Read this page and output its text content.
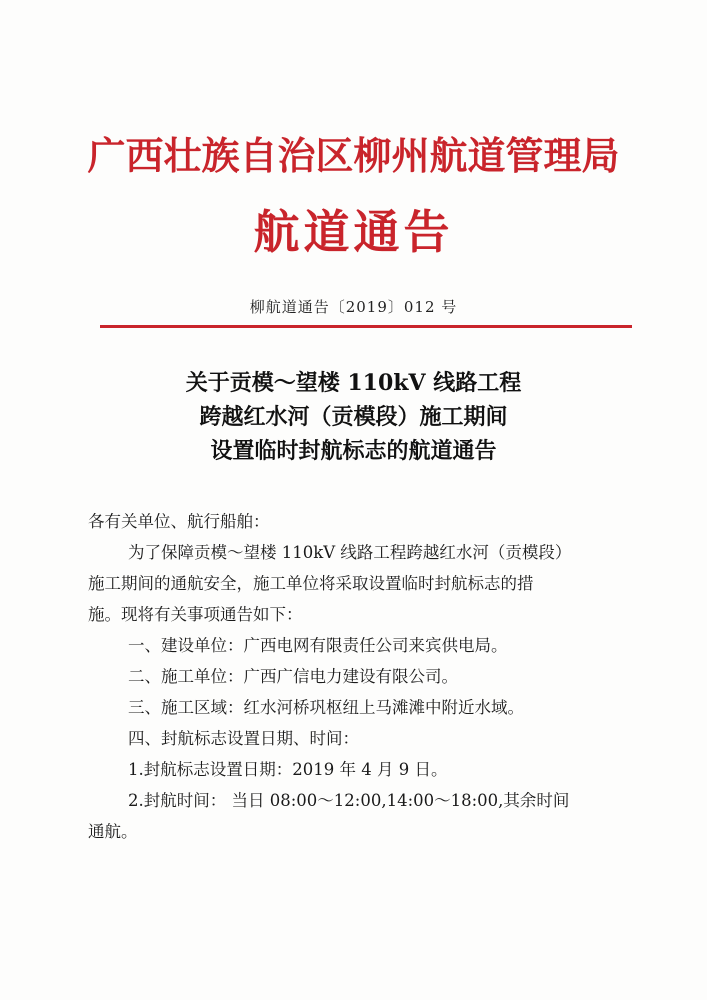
广西壮族自治区柳州航道管理局
航道通告
柳航道通告〔2019〕012 号
关于贡模～望楼 110kV 线路工程
跨越红水河（贡模段）施工期间
设置临时封航标志的航道通告

各有关单位、航行船舶：

为了保障贡模～望楼 110kV 线路工程跨越红水河（贡模段）

施工期间的通航安全，施工单位将采取设置临时封航标志的措

施。现将有关事项通告如下：

一、建设单位：广西电网有限责任公司来宾供电局。

二、施工单位：广西广信电力建设有限公司。

三、施工区域：红水河桥巩枢纽上马滩滩中附近水域。

四、封航标志设置日期、时间：

1.封航标志设置日期：2019 年 4 月 9 日。

2.封航时间： 当日 08:00～12:00,14:00～18:00,其余时间

通航。
